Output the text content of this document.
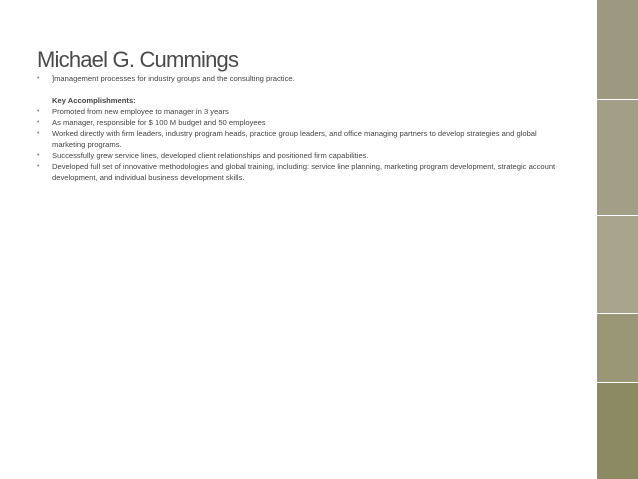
Michael G. Cummings
• ]management processes for industry groups and the consulting practice.
Key Accomplishments:
• Promoted from new employee to manager in 3 years
• As manager, responsible for $ 100 M budget and 50 employees
• Worked directly with firm leaders, industry program heads, practice group leaders, and office managing partners to develop strategies and global marketing programs.
• Successfully grew service lines, developed client relationships and positioned firm capabilities.
• Developed full set of innovative methodologies and global training, including: service line planning, marketing program development, strategic account development, and individual business development skills.
